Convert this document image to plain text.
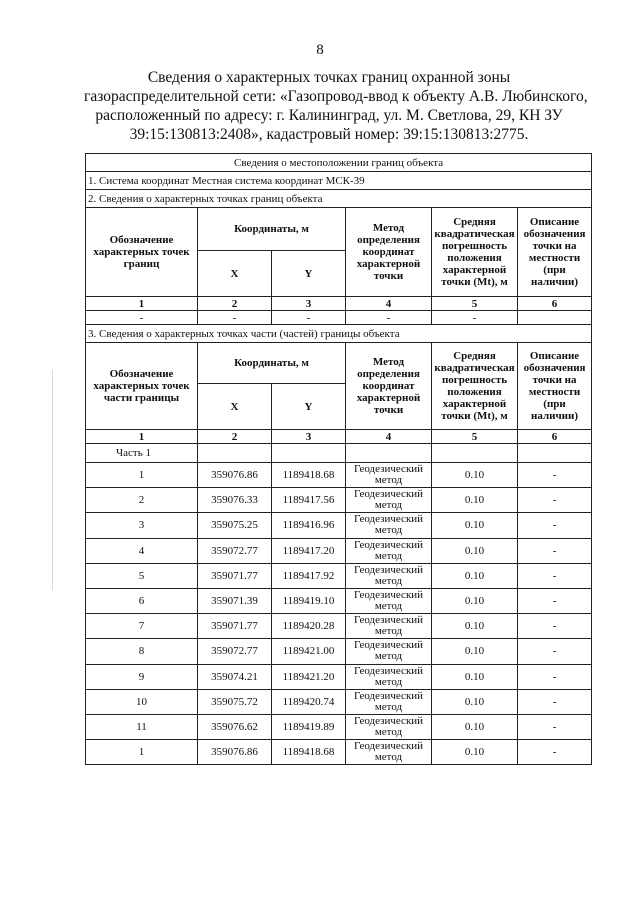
8
Сведения о характерных точках границ охранной зоны
газораспределительной сети: «Газопровод-ввод к объекту А.В. Любинского,
расположенный по адресу: г. Калининград, ул. М. Светлова, 29, КН ЗУ
39:15:130813:2408», кадастровый номер: 39:15:130813:2775.
Сведения о местоположении границ объекта					
1. Система координат Местная система координат МСК-39					
2. Сведения о характерных точках границ объекта					
Обозначение характерных точек границ	Координаты, м		Метод определения координат характерной точки	Средняя квадратическая погрешность положения характерной точки (Mt), м	Описание обозначения точки на местности (при наличии)
	X	Y			
1	2	3	4	5	6
-	-	-	-	-	
3. Сведения о характерных точках части (частей) границы объекта					
Обозначение характерных точек части границы	Координаты, м		Метод определения координат характерной точки	Средняя квадратическая погрешность положения характерной точки (Mt), м	Описание обозначения точки на местности (при наличии)
	X	Y			
1	2	3	4	5	6
Часть 1					
1	359076.86	1189418.68	Геодезический метод	0.10	-
2	359076.33	1189417.56	Геодезический метод	0.10	-
3	359075.25	1189416.96	Геодезический метод	0.10	-
4	359072.77	1189417.20	Геодезический метод	0.10	-
5	359071.77	1189417.92	Геодезический метод	0.10	-
6	359071.39	1189419.10	Геодезический метод	0.10	-
7	359071.77	1189420.28	Геодезический метод	0.10	-
8	359072.77	1189421.00	Геодезический метод	0.10	-
9	359074.21	1189421.20	Геодезический метод	0.10	-
10	359075.72	1189420.74	Геодезический метод	0.10	-
11	359076.62	1189419.89	Геодезический метод	0.10	-
1	359076.86	1189418.68	Геодезический метод	0.10	-
